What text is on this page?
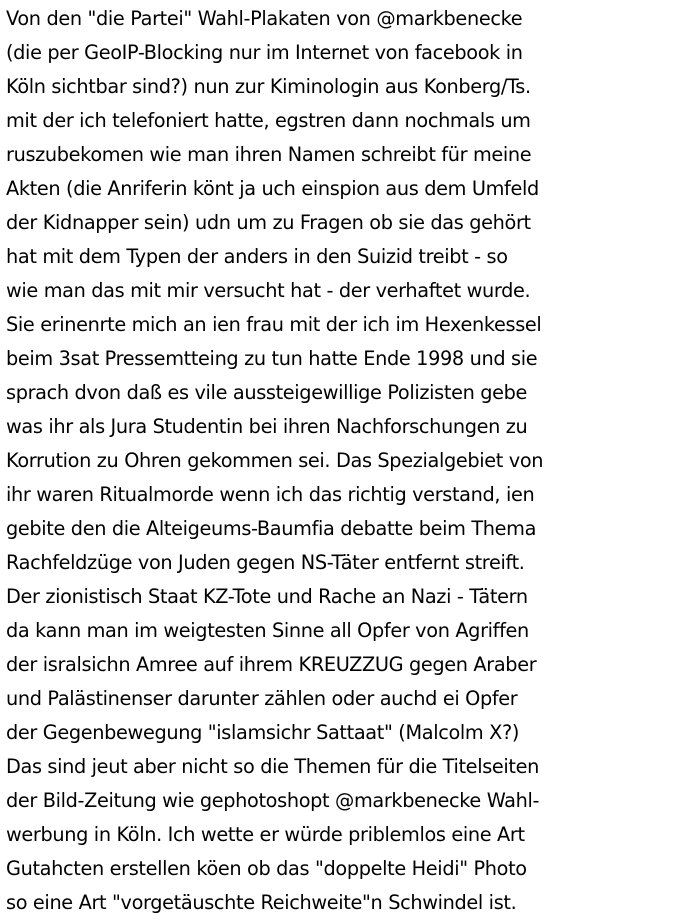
Von den "die Partei" Wahl-Plakaten von @markbenecke

(die per GeoIP-Blocking nur im Internet von facebook in

Köln sichtbar sind?) nun zur Kiminologin aus Konberg/Ts.

mit der ich telefoniert hatte, egstren dann nochmals um

ruszubekomen wie man ihren Namen schreibt für meine

Akten (die Anriferin könt ja uch einspion aus dem Umfeld

der Kidnapper sein) udn um zu Fragen ob sie das gehört

hat mit dem Typen der anders in den Suizid treibt - so

wie man das mit mir versucht hat - der verhaftet wurde.

Sie erinenrte mich an ien frau mit der ich im Hexenkessel

beim 3sat Pressemtteing zu tun hatte Ende 1998 und sie

sprach dvon daß es vile aussteigewillige Polizisten gebe

was ihr als Jura Studentin bei ihren Nachforschungen zu

Korrution zu Ohren gekommen sei. Das Spezialgebiet von

ihr waren Ritualmorde wenn ich das richtig verstand, ien

gebite den die Alteigeums-Baumfia debatte beim Thema

Rachfeldzüge von Juden gegen NS-Täter entfernt streift.

Der zionistisch Staat KZ-Tote und Rache an Nazi - Tätern

da kann man im weigtesten Sinne all Opfer von Agriffen

der isralsichn Amree auf ihrem KREUZZUG gegen Araber

und Palästinenser darunter zählen oder auchd ei Opfer

der Gegenbewegung "islamsichr Sattaat" (Malcolm X?)

Das sind jeut aber nicht so die Themen für die Titelseiten

der Bild-Zeitung wie gephotoshopt @markbenecke Wahl-

werbung in Köln. Ich wette er würde priblemlos eine Art

Gutahcten erstellen köen ob das "doppelte Heidi" Photo

so eine Art "vorgetäuschte Reichweite"n Schwindel ist.
